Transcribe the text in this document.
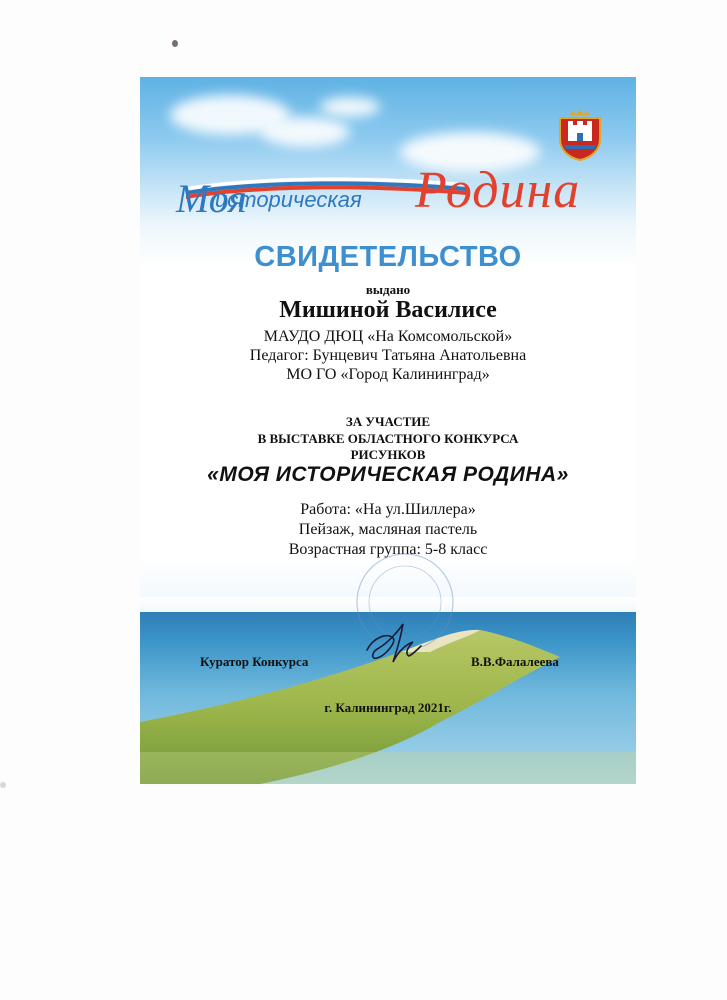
Моя
историческая Родина
СВИДЕТЕЛЬСТВО
выдано
Мишиной Василисе
МАУДО ДЮЦ «На Комсомольской»
Педагог: Бунцевич Татьяна Анатольевна
МО ГО «Город Калининград»
ЗА УЧАСТИЕ
В ВЫСТАВКЕ ОБЛАСТНОГО КОНКУРСА
РИСУНКОВ
«МОЯ ИСТОРИЧЕСКАЯ РОДИНА»
Работа: «На ул.Шиллера»
Пейзаж, масляная пастель
Возрастная группа: 5-8 класс
Куратор Конкурса	В.В.Фалалеева
г. Калининград 2021г.
